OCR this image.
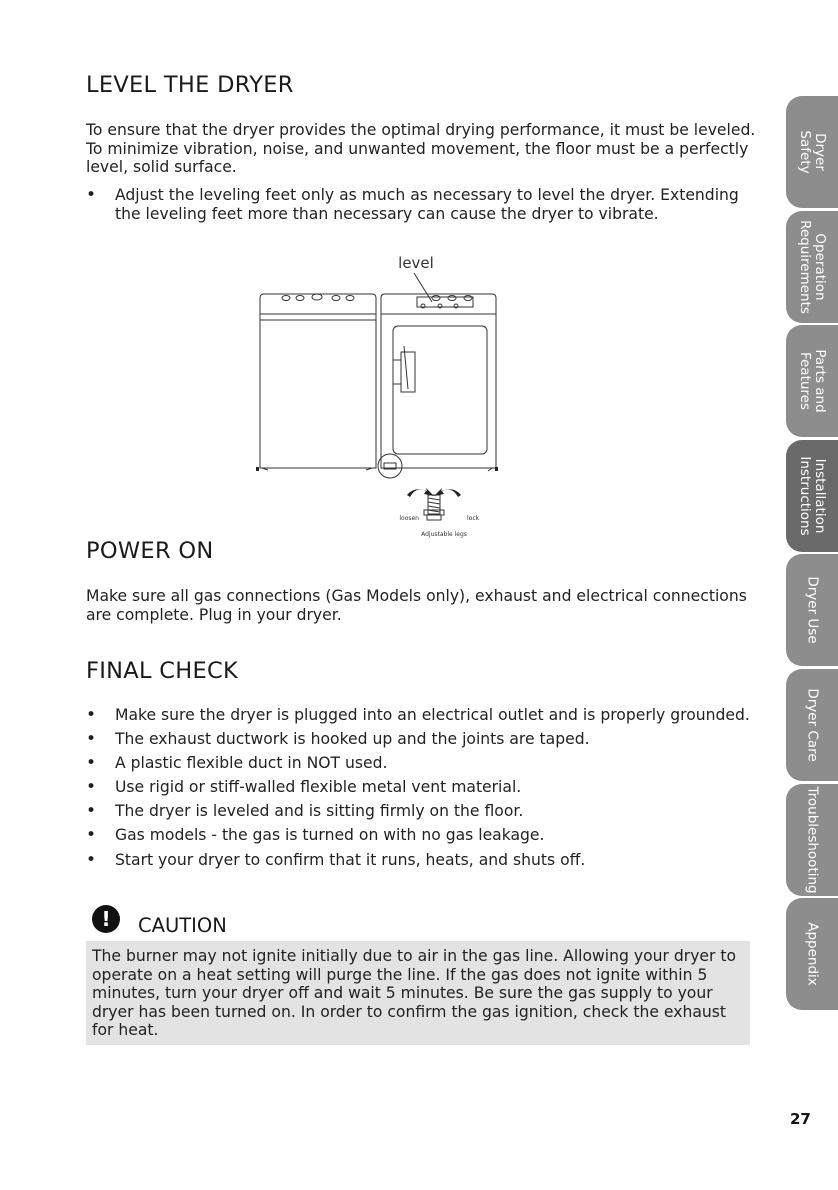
LEVEL THE DRYER

To ensure that the dryer provides the optimal drying performance, it must be leveled. To minimize vibration, noise, and unwanted movement, the floor must be a perfectly level, solid surface.

• Adjust the leveling feet only as much as necessary to level the dryer. Extending the leveling feet more than necessary can cause the dryer to vibrate.
level
loosen	lock
Adjustable legs
POWER ON

Make sure all gas connections (Gas Models only), exhaust and electrical connections are complete. Plug in your dryer.

FINAL CHECK
• Make sure the dryer is plugged into an electrical outlet and is properly grounded.
• The exhaust ductwork is hooked up and the joints are taped.
• A plastic flexible duct in NOT used.
• Use rigid or stiff-walled flexible metal vent material.
• The dryer is leveled and is sitting firmly on the floor.
• Gas models - the gas is turned on with no gas leakage.
• Start your dryer to confirm that it runs, heats, and shuts off.
!	CAUTION
The burner may not ignite initially due to air in the gas line. Allowing your dryer to operate on a heat setting will purge the line. If the gas does not ignite within 5 minutes, turn your dryer off and wait 5 minutes. Be sure the gas supply to your dryer has been turned on. In order to confirm the gas ignition, check the exhaust for heat.
Dryer Safety
Operation Requirements
Parts and Features
Installation Instructions
Dryer Use
Dryer Care
Troubleshooting
Appendix
27
